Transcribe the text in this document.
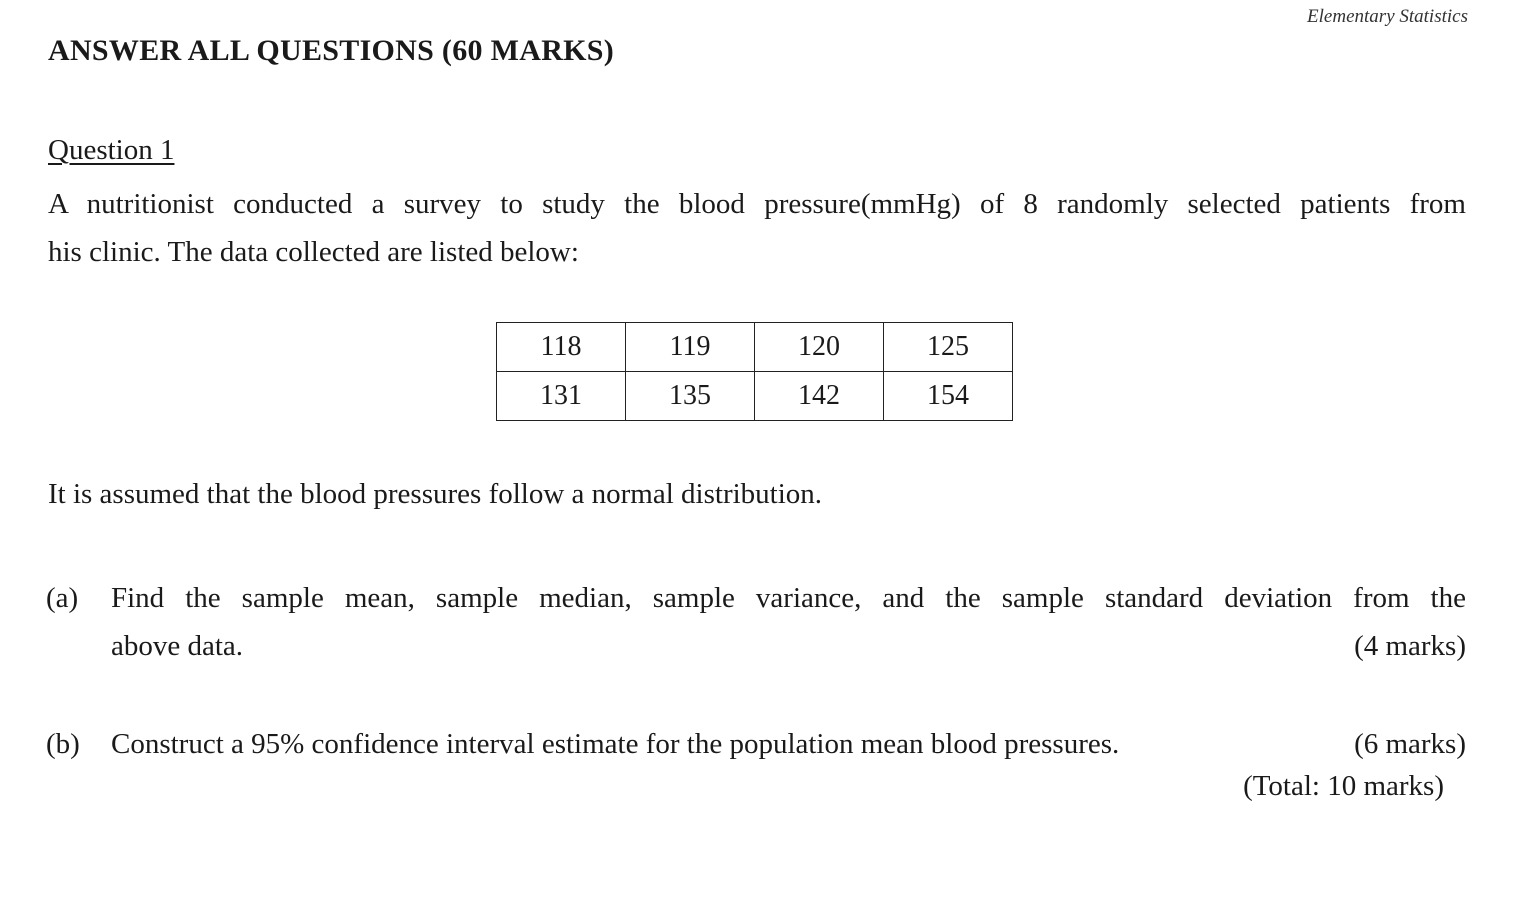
Elementary Statistics
ANSWER ALL QUESTIONS (60 MARKS)
Question 1
A nutritionist conducted a survey to study the blood pressure(mmHg) of 8 randomly selected patients from
his clinic. The data collected are listed below:
118	119	120	125
131	135	142	154
It is assumed that the blood pressures follow a normal distribution.
(a)	Find the sample mean, sample median, sample variance, and the sample standard deviation from the
above data.	(4 marks)
(b)	Construct a 95% confidence interval estimate for the population mean blood pressures.	(6 marks)
(Total: 10 marks)
